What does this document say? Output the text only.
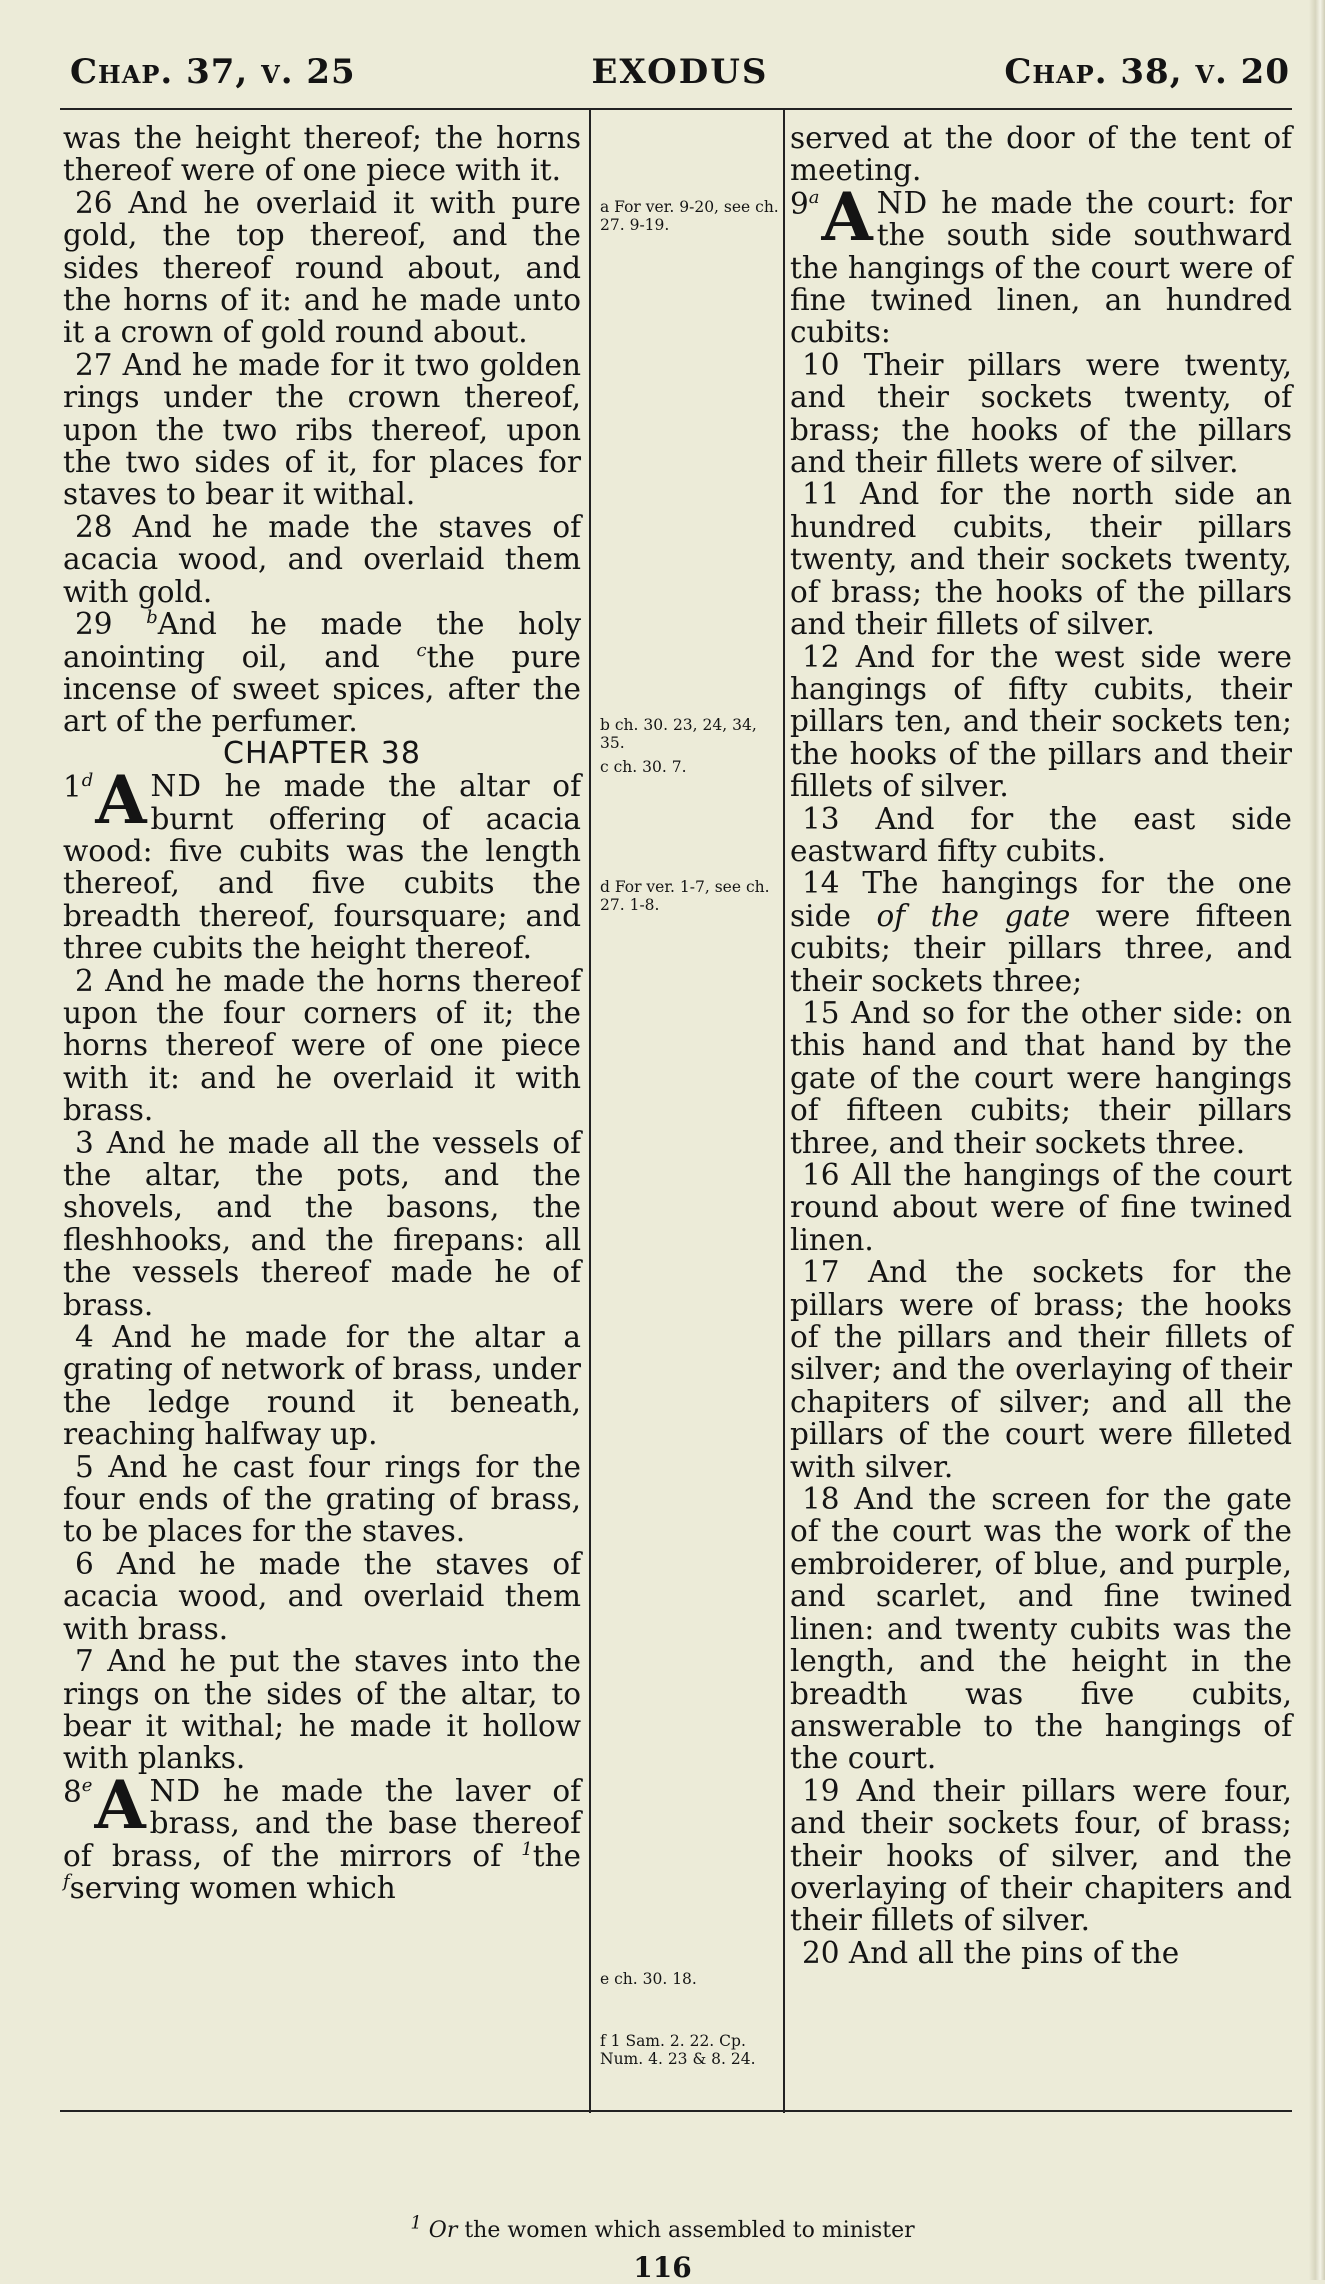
Chap. 37, v. 25	EXODUS	Chap. 38, v. 20

was the height thereof; the horns thereof were of one piece with it.

26 And he overlaid it with pure gold, the top thereof, and the sides thereof round about, and the horns of it: and he made unto it a crown of gold round about.

27 And he made for it two golden rings under the crown thereof, upon the two ribs thereof, upon the two sides of it, for places for staves to bear it withal.

28 And he made the staves of acacia wood, and overlaid them with gold.

29 $^b$And he made the holy anointing oil, and $^c$the pure incense of sweet spices, after the art of the perfumer.

CHAPTER 38

1$^d$ A ND he made the altar of burnt offering of acacia wood: five cubits was the length thereof, and five cubits the breadth thereof, foursquare; and three cubits the height thereof.

2 And he made the horns thereof upon the four corners of it; the horns thereof were of one piece with it: and he overlaid it with brass.

3 And he made all the vessels of the altar, the pots, and the shovels, and the basons, the fleshhooks, and the firepans: all the vessels thereof made he of brass.

4 And he made for the altar a grating of network of brass, under the ledge round it beneath, reaching halfway up.

5 And he cast four rings for the four ends of the grating of brass, to be places for the staves.

6 And he made the staves of acacia wood, and overlaid them with brass.

7 And he put the staves into the rings on the sides of the altar, to bear it withal; he made it hollow with planks.

8e A ND he made the laver of brass, and the base thereof of brass, of the mirrors of $^1$the $^f$serving women which

a For ver. 9-20, see ch. 27. 9-19.
b ch. 30. 23, 24, 34, 35.
c ch. 30. 7.
d For ver. 1-7, see ch. 27. 1-8.
e ch. 30. 18.
f 1 Sam. 2. 22. Cp. Num. 4. 23 & 8. 24.

served at the door of the tent of meeting.

9$^a$ A ND he made the court: for the south side southward the hangings of the court were of fine twined linen, an hundred cubits:

10 Their pillars were twenty, and their sockets twenty, of brass; the hooks of the pillars and their fillets were of silver.

11 And for the north side an hundred cubits, their pillars twenty, and their sockets twenty, of brass; the hooks of the pillars and their fillets of silver.

12 And for the west side were hangings of fifty cubits, their pillars ten, and their sockets ten; the hooks of the pillars and their fillets of silver.

13 And for the east side eastward fifty cubits.

14 The hangings for the one side of the gate were fifteen cubits; their pillars three, and their sockets three;

15 And so for the other side: on this hand and that hand by the gate of the court were hangings of fifteen cubits; their pillars three, and their sockets three.

16 All the hangings of the court round about were of fine twined linen.

17 And the sockets for the pillars were of brass; the hooks of the pillars and their fillets of silver; and the overlaying of their chapiters of silver; and all the pillars of the court were filleted with silver.

18 And the screen for the gate of the court was the work of the embroiderer, of blue, and purple, and scarlet, and fine twined linen: and twenty cubits was the length, and the height in the breadth was five cubits, answerable to the hangings of the court.

19 And their pillars were four, and their sockets four, of brass; their hooks of silver, and the overlaying of their chapiters and their fillets of silver.

20 And all the pins of the

$^1$ Or the women which assembled to minister
116
